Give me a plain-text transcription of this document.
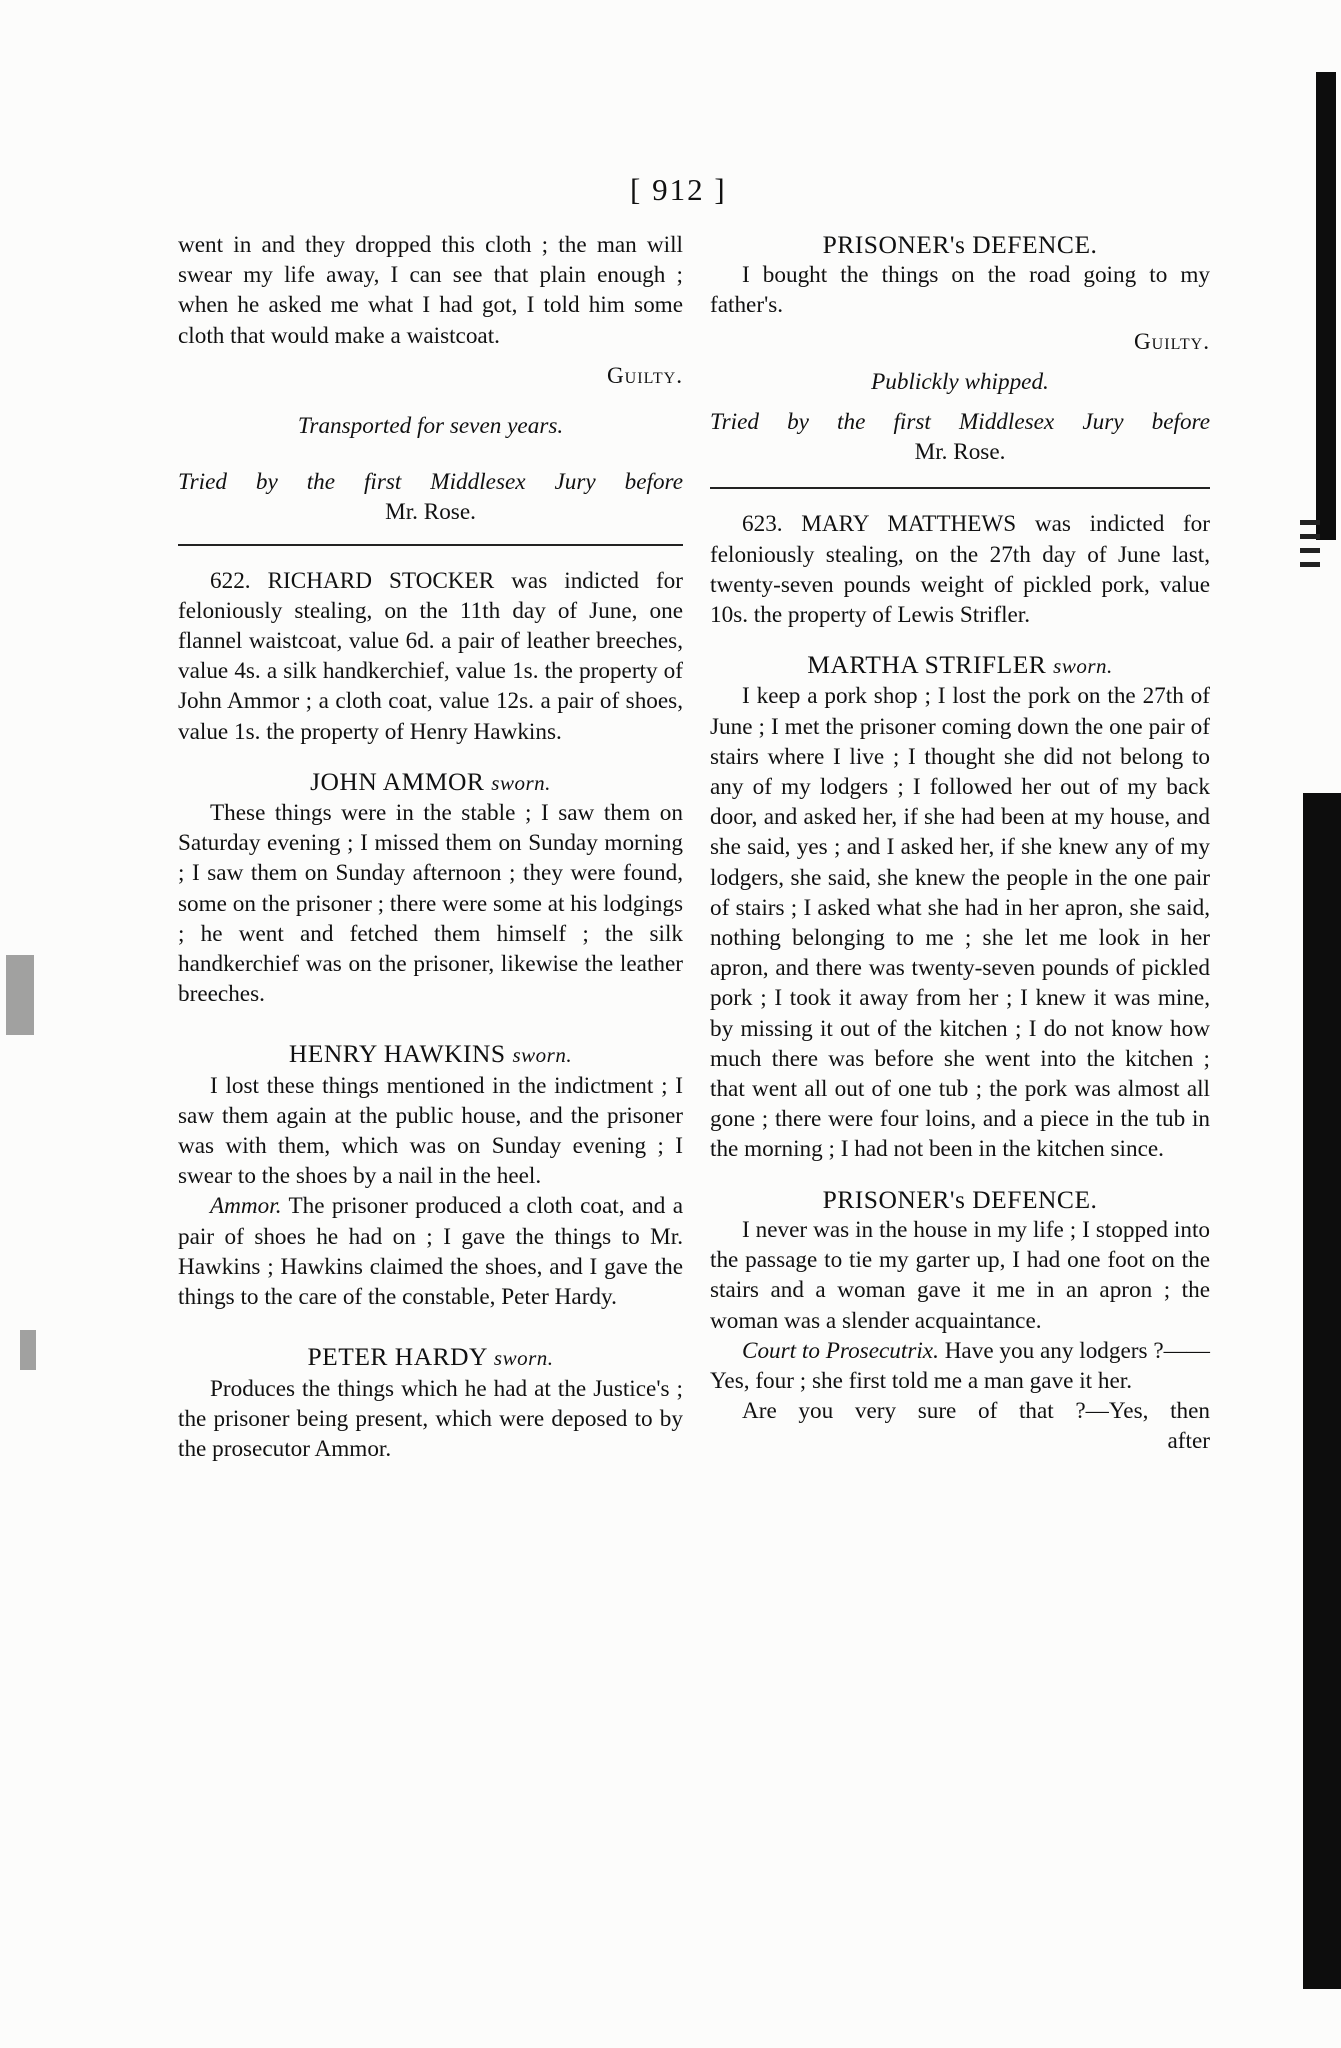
[ 912 ]

went in and they dropped this cloth ; the man will swear my life away, I can see that plain enough ; when he asked me what I had got, I told him some cloth that would make a waistcoat.

Guilty.

Transported for seven years.

Tried by the first Middlesex Jury before

Mr. Rose.

622. RICHARD STOCKER was indicted for feloniously stealing, on the 11th day of June, one flannel waistcoat, value 6d. a pair of leather breeches, value 4s. a silk handkerchief, value 1s. the property of John Ammor ; a cloth coat, value 12s. a pair of shoes, value 1s. the property of Henry Hawkins.

JOHN AMMOR sworn.

These things were in the stable ; I saw them on Saturday evening ; I missed them on Sunday morning ; I saw them on Sunday afternoon ; they were found, some on the prisoner ; there were some at his lodgings ; he went and fetched them himself ; the silk handkerchief was on the prisoner, likewise the leather breeches.

HENRY HAWKINS sworn.

I lost these things mentioned in the indictment ; I saw them again at the public house, and the prisoner was with them, which was on Sunday evening ; I swear to the shoes by a nail in the heel.

Ammor. The prisoner produced a cloth coat, and a pair of shoes he had on ; I gave the things to Mr. Hawkins ; Hawkins claimed the shoes, and I gave the things to the care of the constable, Peter Hardy.

PETER HARDY sworn.

Produces the things which he had at the Justice's ; the prisoner being present, which were deposed to by the prosecutor Ammor.

PRISONER's DEFENCE.

I bought the things on the road going to my father's.

Guilty.

Publickly whipped.

Tried by the first Middlesex Jury before

Mr. Rose.

623. MARY MATTHEWS was indicted for feloniously stealing, on the 27th day of June last, twenty-seven pounds weight of pickled pork, value 10s. the property of Lewis Strifler.

MARTHA STRIFLER sworn.

I keep a pork shop ; I lost the pork on the 27th of June ; I met the prisoner coming down the one pair of stairs where I live ; I thought she did not belong to any of my lodgers ; I followed her out of my back door, and asked her, if she had been at my house, and she said, yes ; and I asked her, if she knew any of my lodgers, she said, she knew the people in the one pair of stairs ; I asked what she had in her apron, she said, nothing belonging to me ; she let me look in her apron, and there was twenty-seven pounds of pickled pork ; I took it away from her ; I knew it was mine, by missing it out of the kitchen ; I do not know how much there was before she went into the kitchen ; that went all out of one tub ; the pork was almost all gone ; there were four loins, and a piece in the tub in the morning ; I had not been in the kitchen since.

PRISONER's DEFENCE.

I never was in the house in my life ; I stopped into the passage to tie my garter up, I had one foot on the stairs and a woman gave it me in an apron ; the woman was a slender acquaintance.

Court to Prosecutrix. Have you any lodgers ?——Yes, four ; she first told me a man gave it her.

Are you very sure of that ?—Yes, then

after
